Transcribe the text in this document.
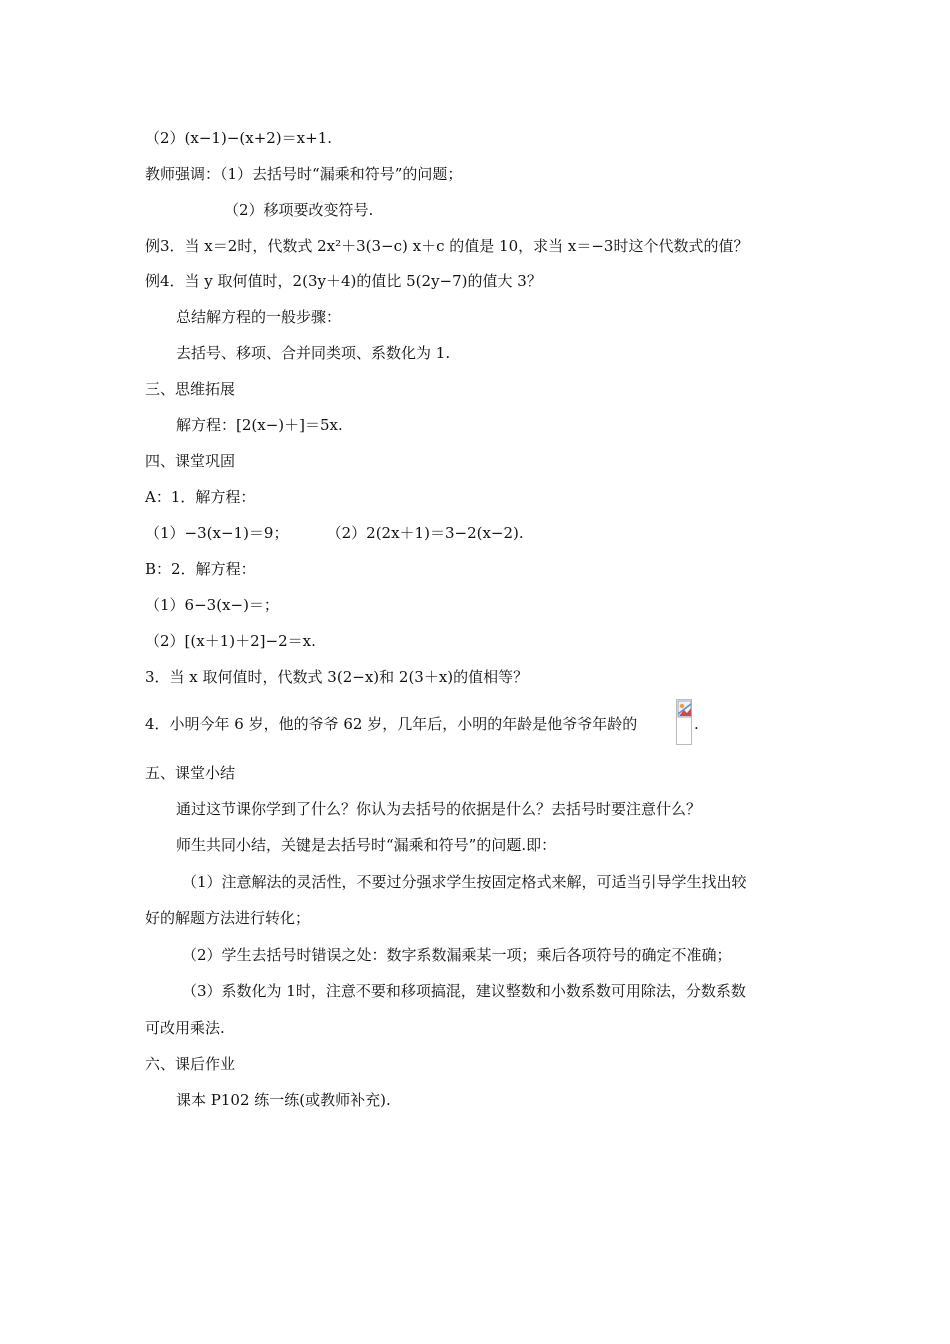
（2）(x−1)−(x+2)＝x+1.

教师强调：（1）去括号时“漏乘和符号”的问题；

（2）移项要改变符号.

例3．当 x＝2时，代数式 2x²＋3(3−c) x＋c 的值是 10，求当 x＝−3时这个代数式的值？

例4．当 y 取何值时，2(3y＋4)的值比 5(2y−7)的值大 3？

总结解方程的一般步骤：

去括号、移项、合并同类项、系数化为 1.

三、思维拓展

解方程：[2(x−)＋]＝5x.

四、课堂巩固

A：1．解方程：

（1）−3(x−1)＝9；        （2）2(2x＋1)＝3−2(x−2).

B：2．解方程：

（1）6−3(x−)＝；

（2）[(x＋1)＋2]−2＝x.

3．当 x 取何值时，代数式 3(2−x)和 2(3＋x)的值相等？

4．小明今年 6 岁，他的爷爷 62 岁，几年后，小明的年龄是他爷爷年龄的	.

五、课堂小结

通过这节课你学到了什么？你认为去括号的依据是什么？去括号时要注意什么？

师生共同小结，关键是去括号时“漏乘和符号”的问题.即：

（1）注意解法的灵活性，不要过分强求学生按固定格式来解，可适当引导学生找出较

好的解题方法进行转化；

（2）学生去括号时错误之处：数字系数漏乘某一项；乘后各项符号的确定不准确；

（3）系数化为 1时，注意不要和移项搞混，建议整数和小数系数可用除法，分数系数

可改用乘法.

六、课后作业

课本 P102 练一练(或教师补充).
